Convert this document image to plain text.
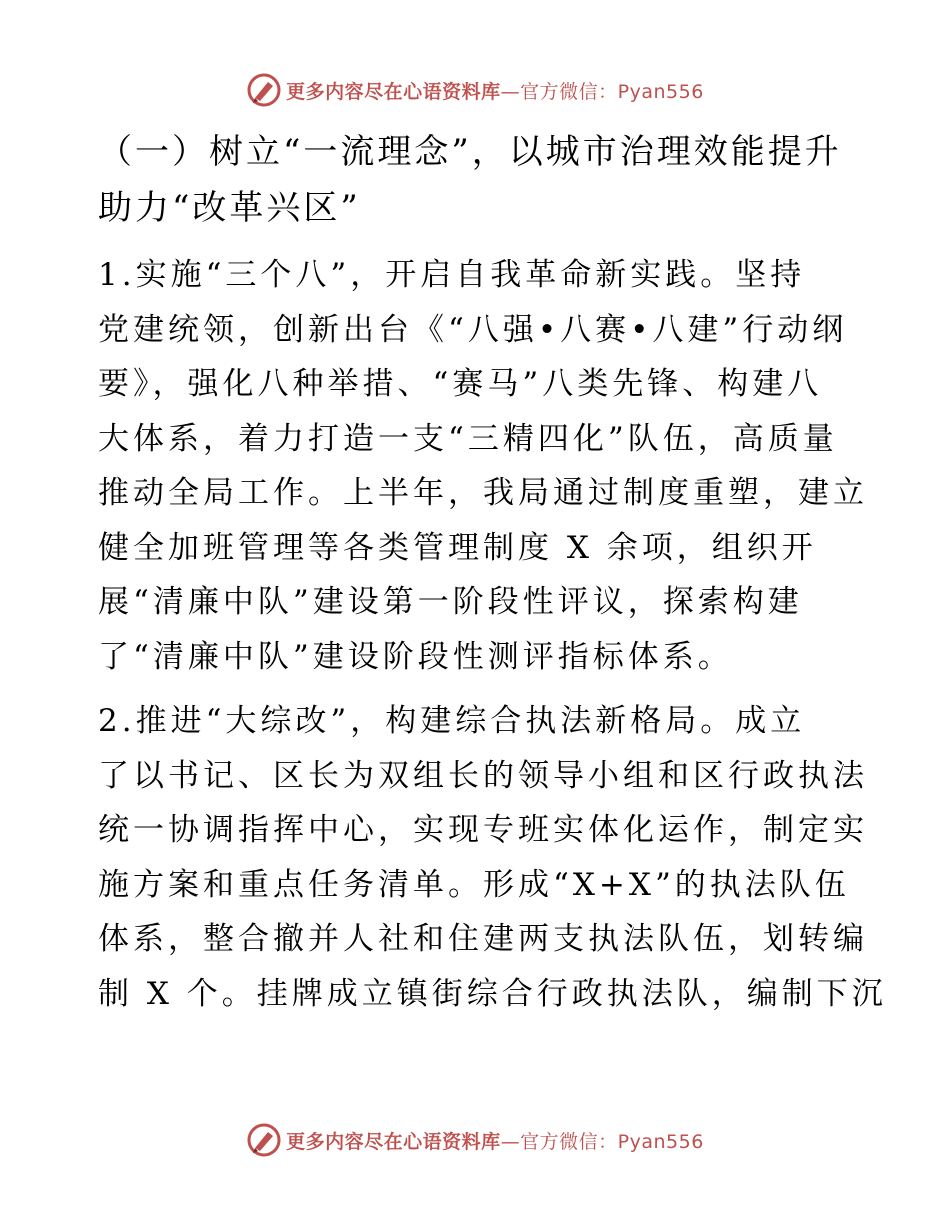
更多内容尽在心语资料库—官方微信：Pyan556
（一）树立“一流理念”，以城市治理效能提升
助力“改革兴区”
1.实施“三个八”，开启自我革命新实践。坚持
党建统领，创新出台《“八强•八赛•八建”行动纲
要》，强化八种举措、“赛马”八类先锋、构建八
大体系，着力打造一支“三精四化”队伍，高质量
推动全局工作。上半年，我局通过制度重塑，建立
健全加班管理等各类管理制度 X 余项，组织开
展“清廉中队”建设第一阶段性评议，探索构建
了“清廉中队”建设阶段性测评指标体系。
2.推进“大综改”，构建综合执法新格局。成立
了以书记、区长为双组长的领导小组和区行政执法
统一协调指挥中心，实现专班实体化运作，制定实
施方案和重点任务清单。形成“X+X”的执法队伍
体系，整合撤并人社和住建两支执法队伍，划转编
制 X 个。挂牌成立镇街综合行政执法队，编制下沉
更多内容尽在心语资料库—官方微信：Pyan556
